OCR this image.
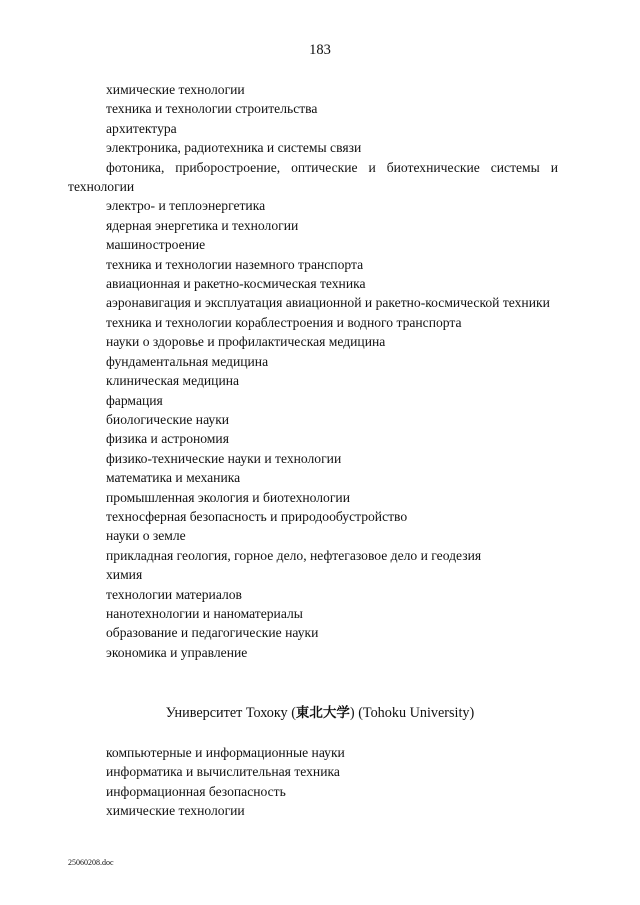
183
химические технологии
техника и технологии строительства
архитектура
электроника, радиотехника и системы связи
фотоника, приборостроение, оптические и биотехнические системы и технологии
электро- и теплоэнергетика
ядерная энергетика и технологии
машиностроение
техника и технологии наземного транспорта
авиационная и ракетно-космическая техника
аэронавигация и эксплуатация авиационной и ракетно-космической техники
техника и технологии кораблестроения и водного транспорта
науки о здоровье и профилактическая медицина
фундаментальная медицина
клиническая медицина
фармация
биологические науки
физика и астрономия
физико-технические науки и технологии
математика и механика
промышленная экология и биотехнологии
техносферная безопасность и природообустройство
науки о земле
прикладная геология, горное дело, нефтегазовое дело и геодезия
химия
технологии материалов
нанотехнологии и наноматериалы
образование и педагогические науки
экономика и управление
Университет Тохоку (東北大学) (Tohoku University)
компьютерные и информационные науки
информатика и вычислительная техника
информационная безопасность
химические технологии
25060208.doc
